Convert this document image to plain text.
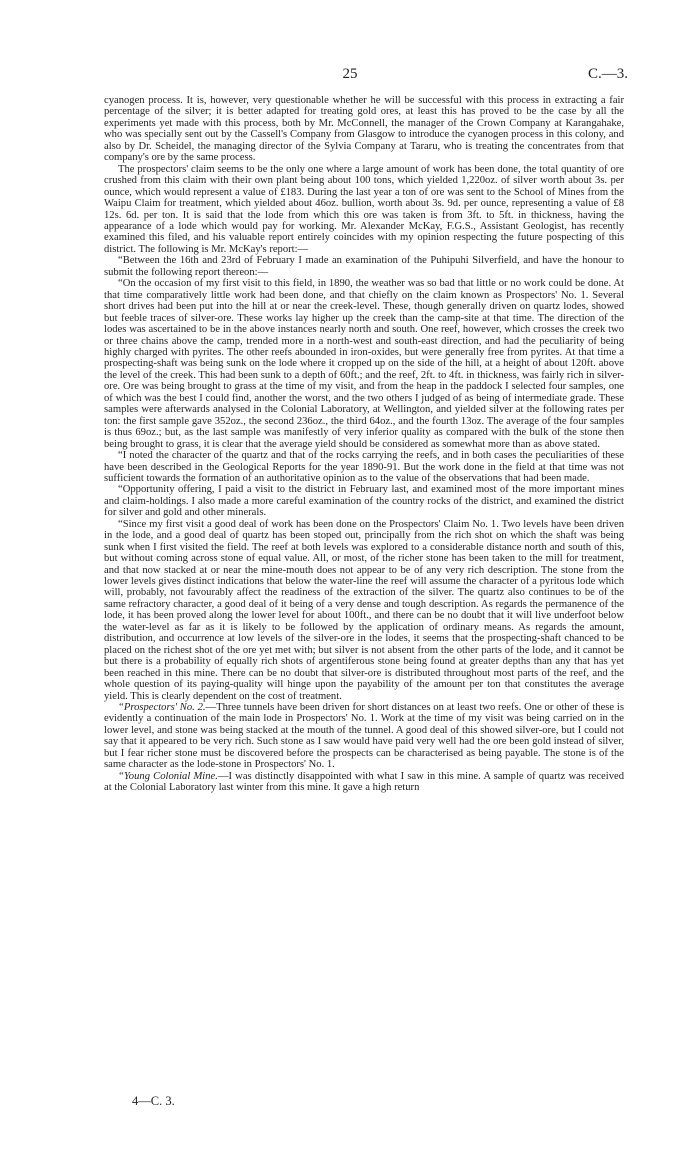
25	C.—3.

cyanogen process. It is, however, very questionable whether he will be successful with this process in extracting a fair percentage of the silver; it is better adapted for treating gold ores, at least this has proved to be the case by all the experiments yet made with this process, both by Mr. McConnell, the manager of the Crown Company at Karangahake, who was specially sent out by the Cassell's Company from Glasgow to introduce the cyanogen process in this colony, and also by Dr. Scheidel, the managing director of the Sylvia Company at Tararu, who is treating the concentrates from that company's ore by the same process.

The prospectors' claim seems to be the only one where a large amount of work has been done, the total quantity of ore crushed from this claim with their own plant being about 100 tons, which yielded 1,220oz. of silver worth about 3s. per ounce, which would represent a value of £183. During the last year a ton of ore was sent to the School of Mines from the Waipu Claim for treatment, which yielded about 46oz. bullion, worth about 3s. 9d. per ounce, representing a value of £8 12s. 6d. per ton. It is said that the lode from which this ore was taken is from 3ft. to 5ft. in thickness, having the appearance of a lode which would pay for working. Mr. Alexander McKay, F.G.S., Assistant Geologist, has recently examined this filed, and his valuable report entirely coincides with my opinion respecting the future pospecting of this district. The following is Mr. McKay's report:—

“Between the 16th and 23rd of February I made an examination of the Puhipuhi Silverfield, and have the honour to submit the following report thereon:—

“On the occasion of my first visit to this field, in 1890, the weather was so bad that little or no work could be done. At that time comparatively little work had been done, and that chiefly on the claim known as Prospectors' No. 1. Several short drives had been put into the hill at or near the creek-level. These, though generally driven on quartz lodes, showed but feeble traces of silver-ore. These works lay higher up the creek than the camp-site at that time. The direction of the lodes was ascertained to be in the above instances nearly north and south. One reef, however, which crosses the creek two or three chains above the camp, trended more in a north-west and south-east direction, and had the peculiarity of being highly charged with pyrites. The other reefs abounded in iron-oxides, but were generally free from pyrites. At that time a prospecting-shaft was being sunk on the lode where it cropped up on the side of the hill, at a height of about 120ft. above the level of the creek. This had been sunk to a depth of 60ft.; and the reef, 2ft. to 4ft. in thickness, was fairly rich in silver-ore. Ore was being brought to grass at the time of my visit, and from the heap in the paddock I selected four samples, one of which was the best I could find, another the worst, and the two others I judged of as being of intermediate grade. These samples were afterwards analysed in the Colonial Laboratory, at Wellington, and yielded silver at the following rates per ton: the first sample gave 352oz., the second 236oz., the third 64oz., and the fourth 13oz. The average of the four samples is thus 69oz.; but, as the last sample was manifestly of very inferior quality as compared with the bulk of the stone then being brought to grass, it is clear that the average yield should be considered as somewhat more than as above stated.

“I noted the character of the quartz and that of the rocks carrying the reefs, and in both cases the peculiarities of these have been described in the Geological Reports for the year 1890-91. But the work done in the field at that time was not sufficient towards the formation of an authoritative opinion as to the value of the observations that had been made.

“Opportunity offering, I paid a visit to the district in February last, and examined most of the more important mines and claim-holdings. I also made a more careful examination of the country rocks of the district, and examined the district for silver and gold and other minerals.

“Since my first visit a good deal of work has been done on the Prospectors' Claim No. 1. Two levels have been driven in the lode, and a good deal of quartz has been stoped out, principally from the rich shot on which the shaft was being sunk when I first visited the field. The reef at both levels was explored to a considerable distance north and south of this, but without coming across stone of equal value. All, or most, of the richer stone has been taken to the mill for treatment, and that now stacked at or near the mine-mouth does not appear to be of any very rich description. The stone from the lower levels gives distinct indications that below the water-line the reef will assume the character of a pyritous lode which will, probably, not favourably affect the readiness of the extraction of the silver. The quartz also continues to be of the same refractory character, a good deal of it being of a very dense and tough description. As regards the permanence of the lode, it has been proved along the lower level for about 100ft., and there can be no doubt that it will live underfoot below the water-level as far as it is likely to be followed by the application of ordinary means. As regards the amount, distribution, and occurrence at low levels of the silver-ore in the lodes, it seems that the prospecting-shaft chanced to be placed on the richest shot of the ore yet met with; but silver is not absent from the other parts of the lode, and it cannot be but there is a probability of equally rich shots of argentiferous stone being found at greater depths than any that has yet been reached in this mine. There can be no doubt that silver-ore is distributed throughout most parts of the reef, and the whole question of its paying-quality will hinge upon the payability of the amount per ton that constitutes the average yield. This is clearly dependent on the cost of treatment.

“Prospectors' No. 2.—Three tunnels have been driven for short distances on at least two reefs. One or other of these is evidently a continuation of the main lode in Prospectors' No. 1. Work at the time of my visit was being carried on in the lower level, and stone was being stacked at the mouth of the tunnel. A good deal of this showed silver-ore, but I could not say that it appeared to be very rich. Such stone as I saw would have paid very well had the ore been gold instead of silver, but I fear richer stone must be discovered before the prospects can be characterised as being payable. The stone is of the same character as the lode-stone in Prospectors' No. 1.

“Young Colonial Mine.—I was distinctly disappointed with what I saw in this mine. A sample of quartz was received at the Colonial Laboratory last winter from this mine. It gave a high return

4—C. 3.
